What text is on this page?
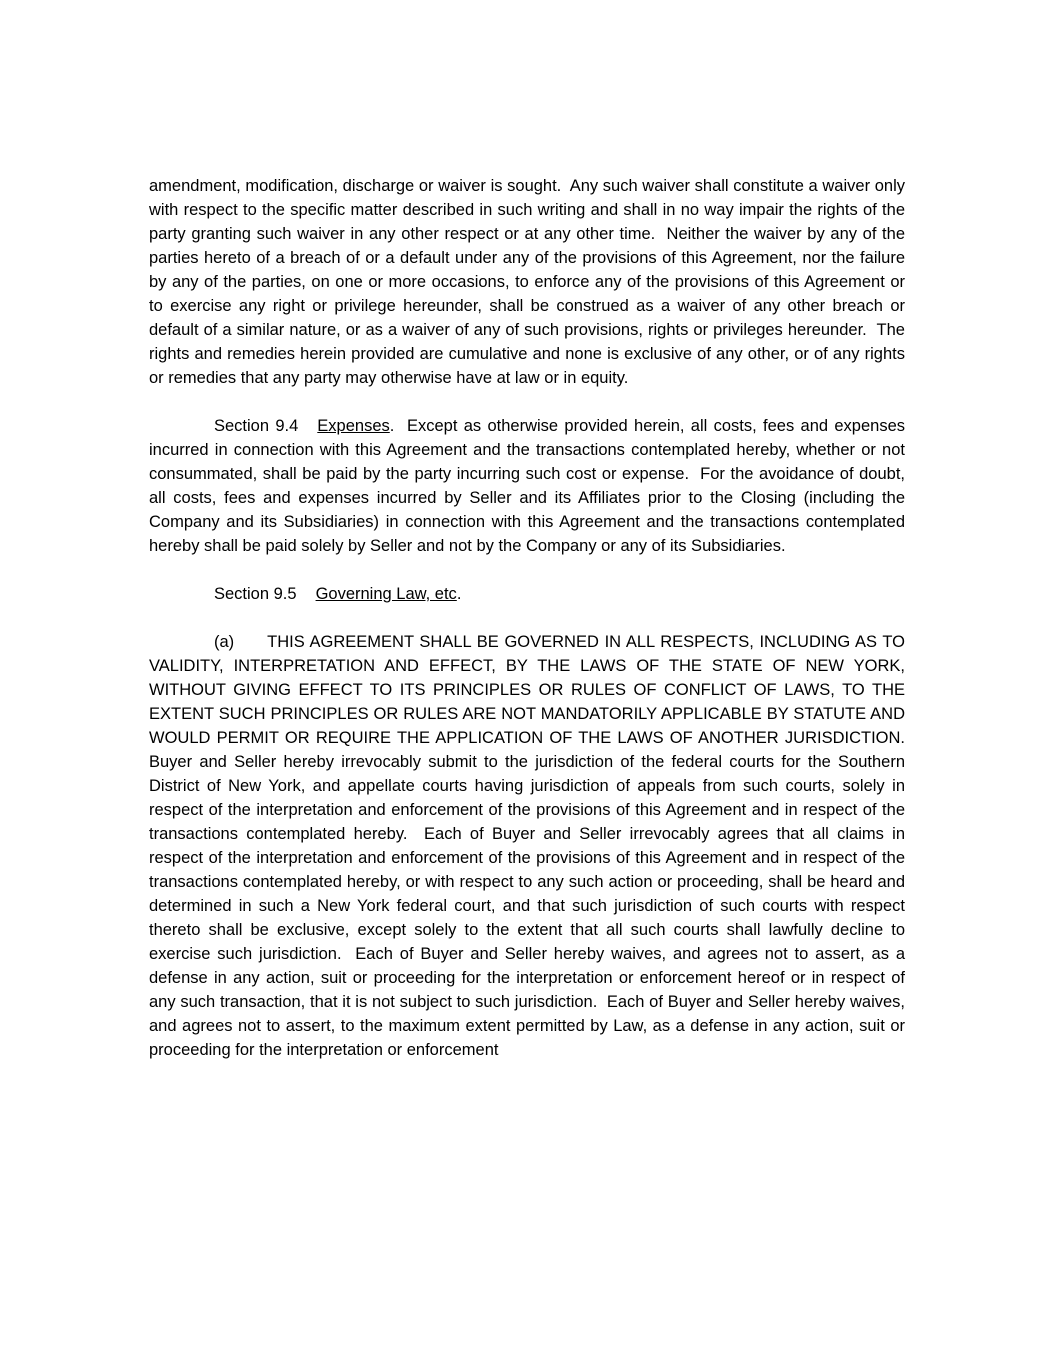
amendment, modification, discharge or waiver is sought.  Any such waiver shall constitute a waiver only with respect to the specific matter described in such writing and shall in no way impair the rights of the party granting such waiver in any other respect or at any other time.  Neither the waiver by any of the parties hereto of a breach of or a default under any of the provisions of this Agreement, nor the failure by any of the parties, on one or more occasions, to enforce any of the provisions of this Agreement or to exercise any right or privilege hereunder, shall be construed as a waiver of any other breach or default of a similar nature, or as a waiver of any of such provisions, rights or privileges hereunder.  The rights and remedies herein provided are cumulative and none is exclusive of any other, or of any rights or remedies that any party may otherwise have at law or in equity.

Section 9.4 Expenses.  Except as otherwise provided herein, all costs, fees and expenses incurred in connection with this Agreement and the transactions contemplated hereby, whether or not consummated, shall be paid by the party incurring such cost or expense.  For the avoidance of doubt, all costs, fees and expenses incurred by Seller and its Affiliates prior to the Closing (including the Company and its Subsidiaries) in connection with this Agreement and the transactions contemplated hereby shall be paid solely by Seller and not by the Company or any of its Subsidiaries.

Section 9.5 Governing Law, etc.

(a) THIS AGREEMENT SHALL BE GOVERNED IN ALL RESPECTS, INCLUDING AS TO VALIDITY, INTERPRETATION AND EFFECT, BY THE LAWS OF THE STATE OF NEW YORK, WITHOUT GIVING EFFECT TO ITS PRINCIPLES OR RULES OF CONFLICT OF LAWS, TO THE EXTENT SUCH PRINCIPLES OR RULES ARE NOT MANDATORILY APPLICABLE BY STATUTE AND WOULD PERMIT OR REQUIRE THE APPLICATION OF THE LAWS OF ANOTHER JURISDICTION.  Buyer and Seller hereby irrevocably submit to the jurisdiction of the federal courts for the Southern District of New York, and appellate courts having jurisdiction of appeals from such courts, solely in respect of the interpretation and enforcement of the provisions of this Agreement and in respect of the transactions contemplated hereby.  Each of Buyer and Seller irrevocably agrees that all claims in respect of the interpretation and enforcement of the provisions of this Agreement and in respect of the transactions contemplated hereby, or with respect to any such action or proceeding, shall be heard and determined in such a New York federal court, and that such jurisdiction of such courts with respect thereto shall be exclusive, except solely to the extent that all such courts shall lawfully decline to exercise such jurisdiction.  Each of Buyer and Seller hereby waives, and agrees not to assert, as a defense in any action, suit or proceeding for the interpretation or enforcement hereof or in respect of any such transaction, that it is not subject to such jurisdiction.  Each of Buyer and Seller hereby waives, and agrees not to assert, to the maximum extent permitted by Law, as a defense in any action, suit or proceeding for the interpretation or enforcement
